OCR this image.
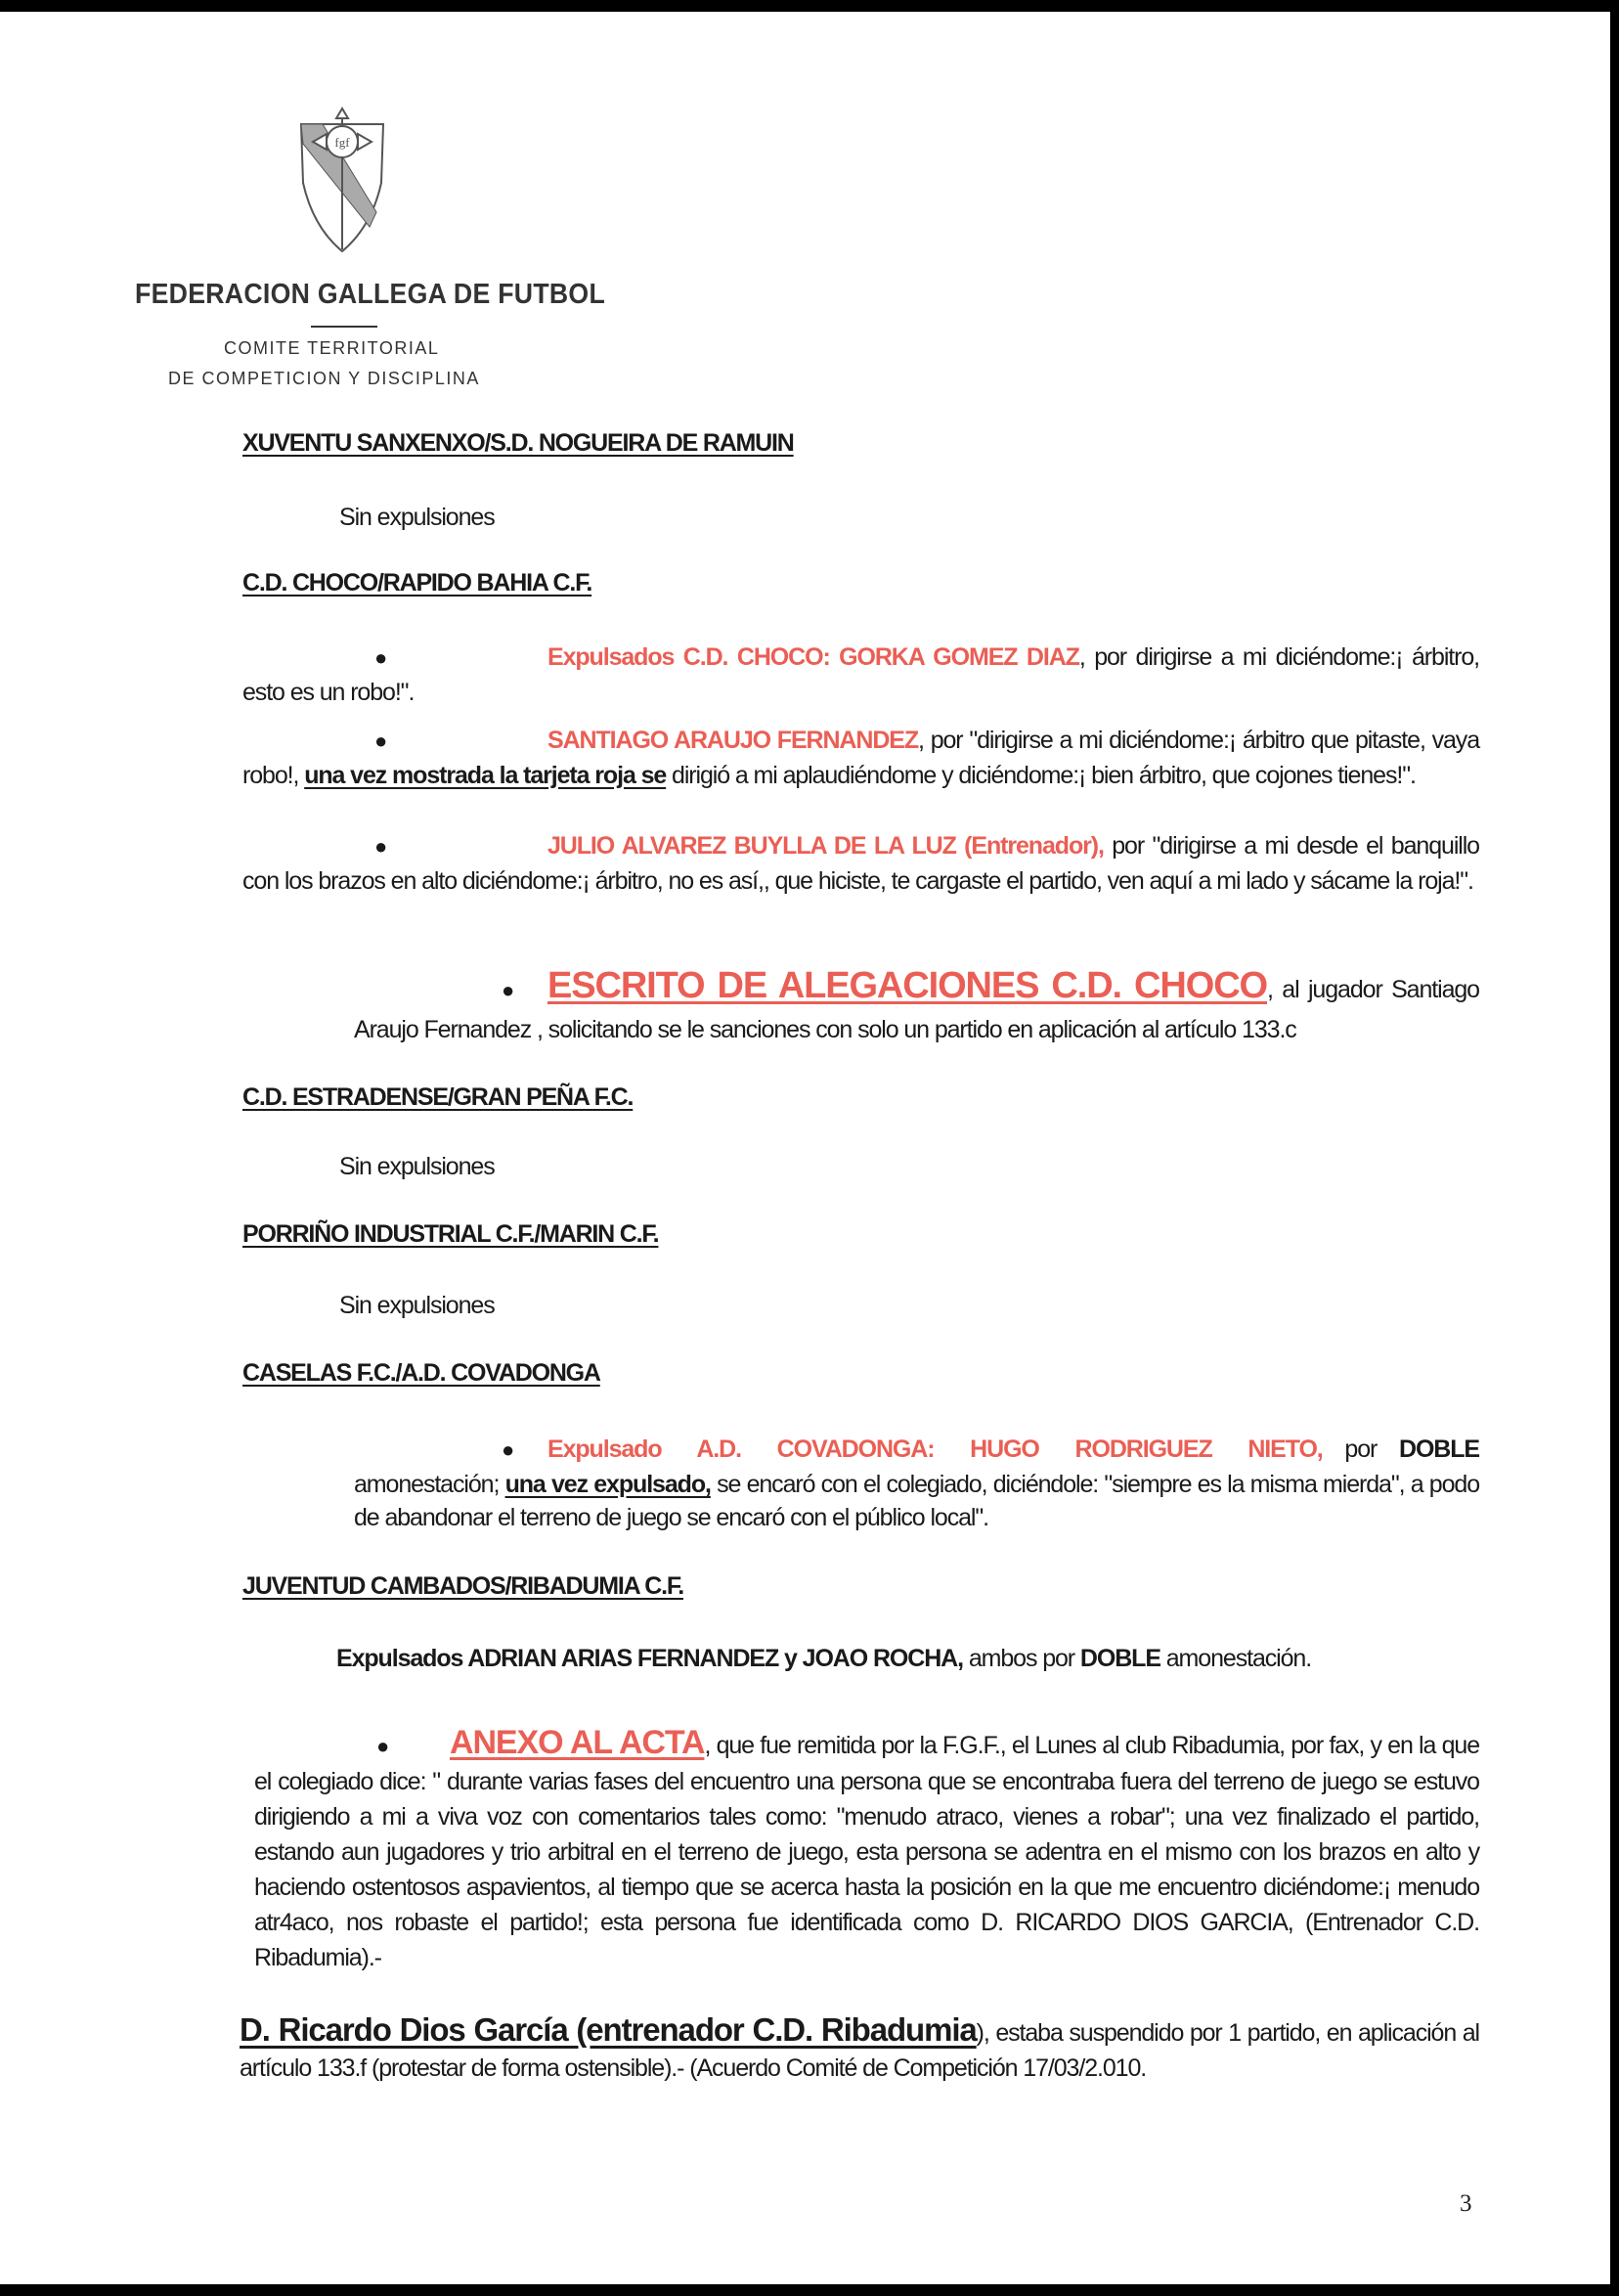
fgf
FEDERACION GALLEGA DE FUTBOL
COMITE TERRITORIAL
DE COMPETICION Y DISCIPLINA
XUVENTU SANXENXO/S.D. NOGUEIRA DE RAMUIN
Sin expulsiones
C.D. CHOCO/RAPIDO BAHIA C.F.
●	Expulsados C.D. CHOCO: GORKA GOMEZ DIAZ, por dirigirse a mi diciéndome:¡ árbitro, esto es un robo!".
●	SANTIAGO ARAUJO FERNANDEZ, por "dirigirse a mi diciéndome:¡ árbitro que pitaste, vaya robo!, una vez mostrada la tarjeta roja se dirigió a mi aplaudiéndome y diciéndome:¡ bien árbitro, que cojones tienes!".
●	JULIO ALVAREZ BUYLLA DE LA LUZ (Entrenador), por "dirigirse a mi desde el banquillo con los brazos en alto diciéndome:¡ árbitro, no es así,, que hiciste, te cargaste el partido, ven aquí a mi lado y sácame la roja!".
● ESCRITO DE ALEGACIONES C.D. CHOCO, al jugador Santiago Araujo Fernandez , solicitando se le sanciones con solo un partido en aplicación al artículo 133.c
C.D. ESTRADENSE/GRAN PEÑA F.C.
Sin expulsiones
PORRIÑO INDUSTRIAL C.F./MARIN C.F.
Sin expulsiones
CASELAS F.C./A.D. COVADONGA
● Expulsado A.D. COVADONGA: HUGO RODRIGUEZ NIETO, por DOBLE amonestación; una vez expulsado, se encaró con el colegiado, diciéndole: "siempre es la misma mierda", a podo de abandonar el terreno de juego se encaró con el público local".
JUVENTUD CAMBADOS/RIBADUMIA C.F.
Expulsados ADRIAN ARIAS FERNANDEZ y JOAO ROCHA, ambos por DOBLE amonestación.
● ANEXO AL ACTA, que fue remitida por la F.G.F., el Lunes al club Ribadumia, por fax, y en la que el colegiado dice: " durante varias fases del encuentro una persona que se encontraba fuera del terreno de juego se estuvo dirigiendo a mi a viva voz con comentarios tales como: "menudo atraco, vienes a robar"; una vez finalizado el partido, estando aun jugadores y trio arbitral en el terreno de juego, esta persona se adentra en el mismo con los brazos en alto y haciendo ostentosos aspavientos, al tiempo que se acerca hasta la posición en la que me encuentro diciéndome:¡ menudo atr4aco, nos robaste el partido!; esta persona fue identificada como D. RICARDO DIOS GARCIA, (Entrenador C.D. Ribadumia).-
D. Ricardo Dios García (entrenador C.D. Ribadumia), estaba suspendido por 1 partido, en aplicación al artículo 133.f (protestar de forma ostensible).- (Acuerdo Comité de Competición 17/03/2.010.
3
